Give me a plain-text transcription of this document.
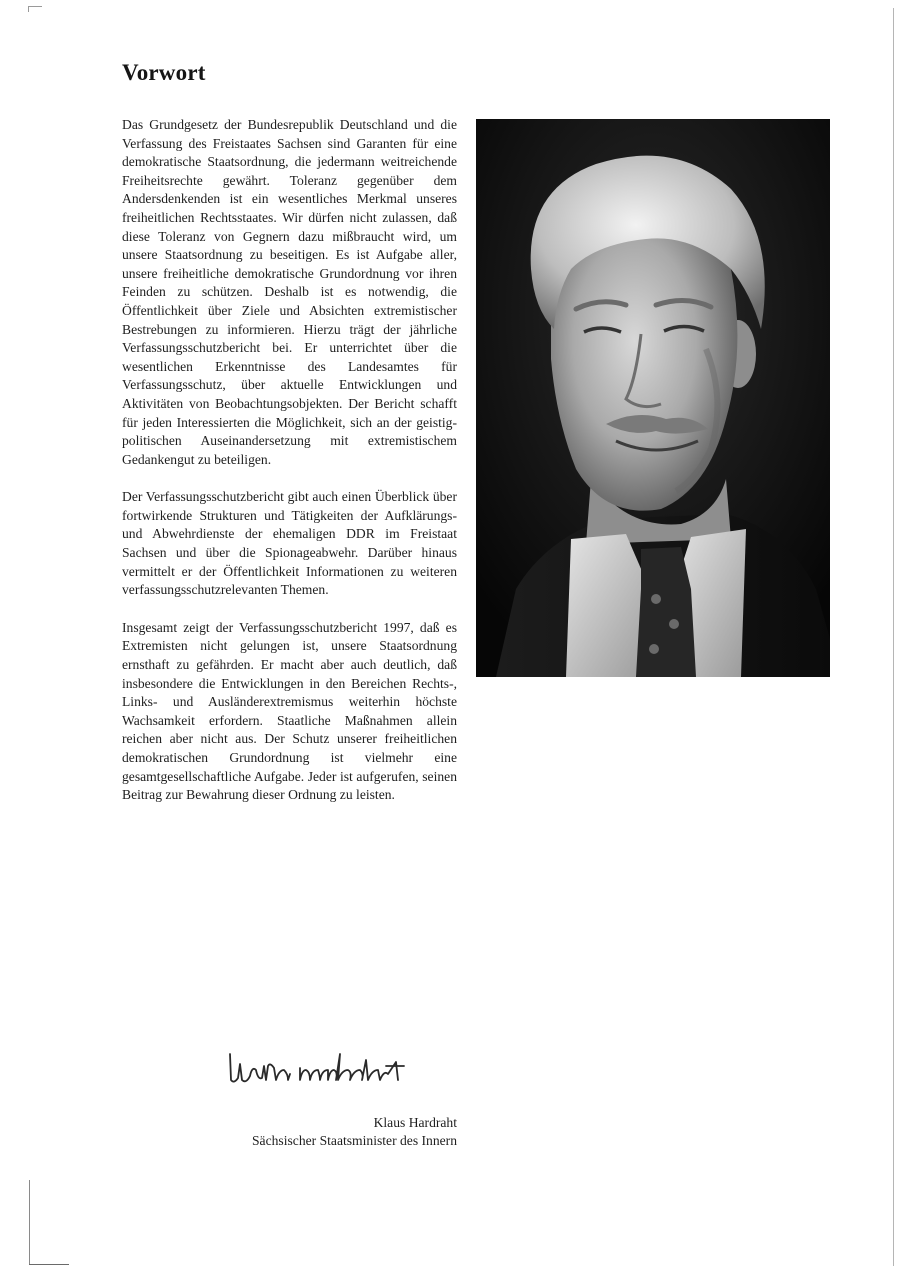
Vorwort

Das Grundgesetz der Bundesrepublik Deutschland und die Verfassung des Freistaates Sachsen sind Garanten für eine demokratische Staatsordnung, die jedermann weitreichende Freiheitsrechte gewährt. Toleranz gegenüber dem Andersdenkenden ist ein wesentliches Merkmal unseres freiheitlichen Rechtsstaates. Wir dürfen nicht zulassen, daß diese Toleranz von Gegnern dazu mißbraucht wird, um unsere Staatsordnung zu beseitigen. Es ist Aufgabe aller, unsere freiheitliche demokratische Grundordnung vor ihren Feinden zu schützen. Deshalb ist es notwendig, die Öffentlichkeit über Ziele und Absichten extremistischer Bestrebungen zu informieren. Hierzu trägt der jährliche Verfassungsschutzbericht bei. Er unterrichtet über die wesentlichen Erkenntnisse des Landesamtes für Verfassungsschutz, über aktuelle Entwicklungen und Aktivitäten von Beobachtungsobjekten. Der Bericht schafft für jeden Interessierten die Möglichkeit, sich an der geistig-politischen Auseinandersetzung mit extremistischem Gedankengut zu beteiligen.

Der Verfassungsschutzbericht gibt auch einen Überblick über fortwirkende Strukturen und Tätigkeiten der Aufklärungs- und Abwehrdienste der ehemaligen DDR im Freistaat Sachsen und über die Spionageabwehr. Darüber hinaus vermittelt er der Öffentlichkeit Informationen zu weiteren verfassungsschutzrelevanten Themen.

Insgesamt zeigt der Verfassungsschutzbericht 1997, daß es Extremisten nicht gelungen ist, unsere Staatsordnung ernsthaft zu gefährden. Er macht aber auch deutlich, daß insbesondere die Entwicklungen in den Bereichen Rechts-, Links- und Ausländerextremismus weiterhin höchste Wachsamkeit erfordern. Staatliche Maßnahmen allein reichen aber nicht aus. Der Schutz unserer freiheitlichen demokratischen Grundordnung ist vielmehr eine gesamtgesellschaftliche Aufgabe. Jeder ist aufgerufen, seinen Beitrag zur Bewahrung dieser Ordnung zu leisten.

Klaus Hardraht
Sächsischer Staatsminister des Innern
